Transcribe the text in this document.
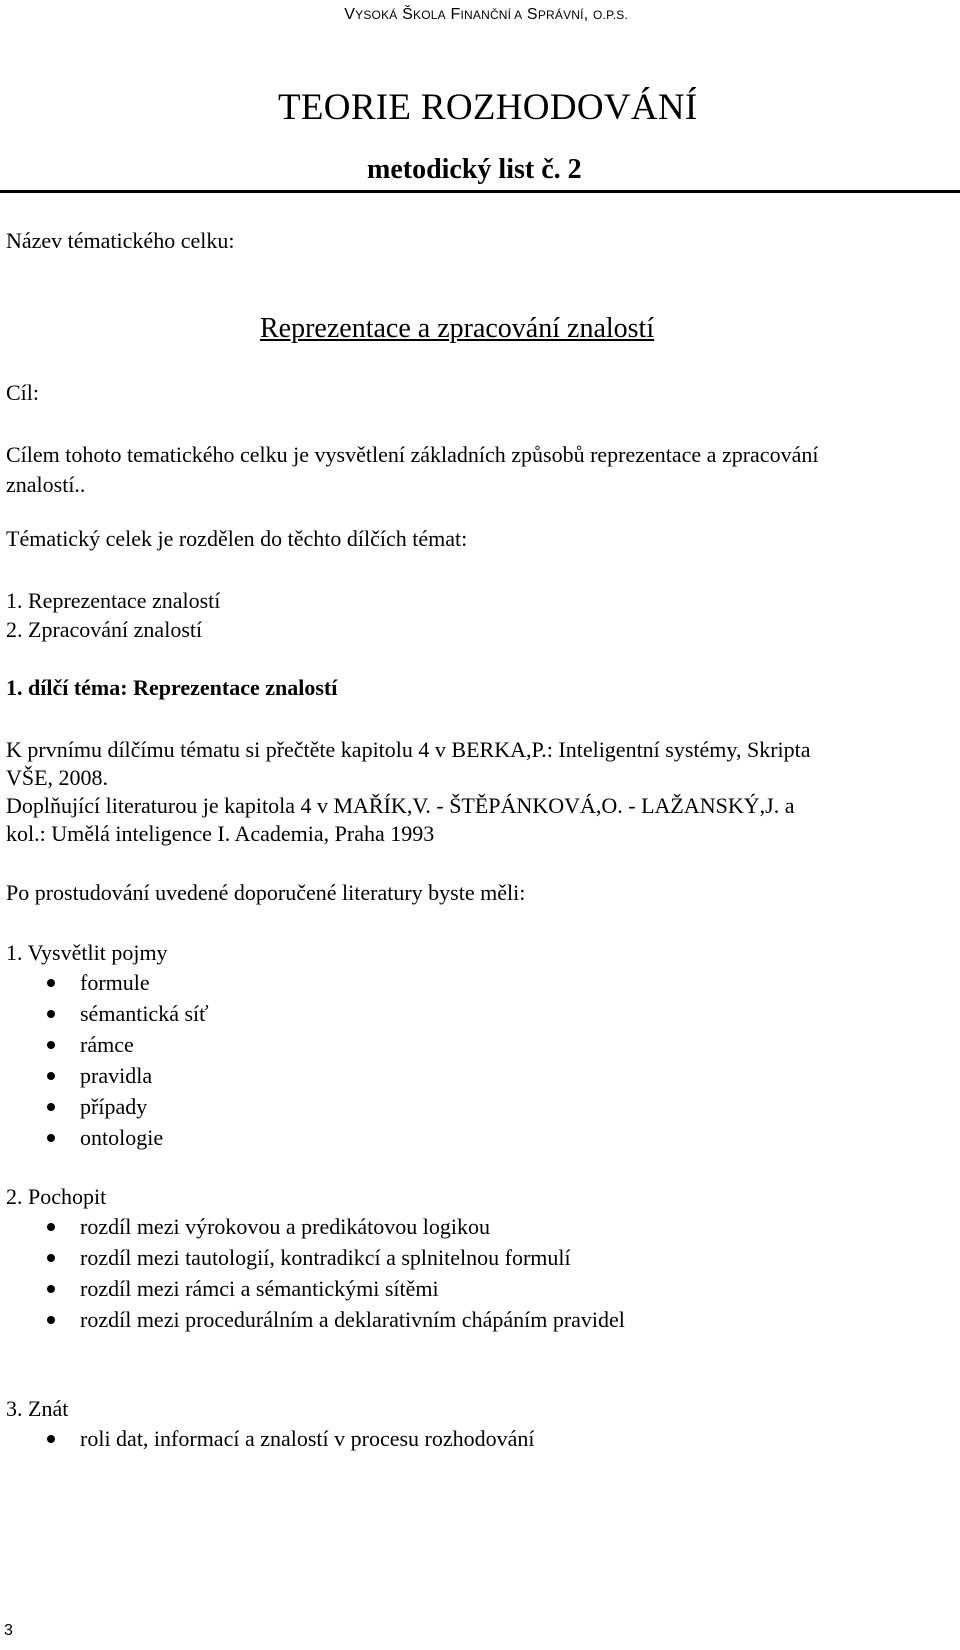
VYSOKÁ ŠKOLA FINANČNÍ A SPRÁVNÍ, O.P.S.
TEORIE ROZHODOVÁNÍ
metodický list č. 2
Název tématického celku:
Reprezentace a zpracování znalostí
Cíl:
Cílem tohoto tematického celku je vysvětlení základních způsobů reprezentace a zpracování
znalostí..
Tématický celek je rozdělen do těchto dílčích témat:
1. Reprezentace znalostí
2. Zpracování znalostí
1. dílčí téma: Reprezentace znalostí
K prvnímu dílčímu tématu si přečtěte kapitolu 4 v BERKA,P.: Inteligentní systémy, Skripta
VŠE, 2008.
Doplňující literaturou je kapitola 4 v MAŘÍK,V. - ŠTĚPÁNKOVÁ,O. - LAŽANSKÝ,J. a
kol.: Umělá inteligence I. Academia, Praha 1993
Po prostudování uvedené doporučené literatury byste měli:
1. Vysvětlit pojmy
formule
sémantická síť
rámce
pravidla
případy
ontologie
2. Pochopit
rozdíl mezi výrokovou a predikátovou logikou
rozdíl mezi tautologií, kontradikcí a splnitelnou formulí
rozdíl mezi rámci a sémantickými sítěmi
rozdíl mezi procedurálním a deklarativním chápáním pravidel
3. Znát
roli dat, informací a znalostí v procesu rozhodování
3
